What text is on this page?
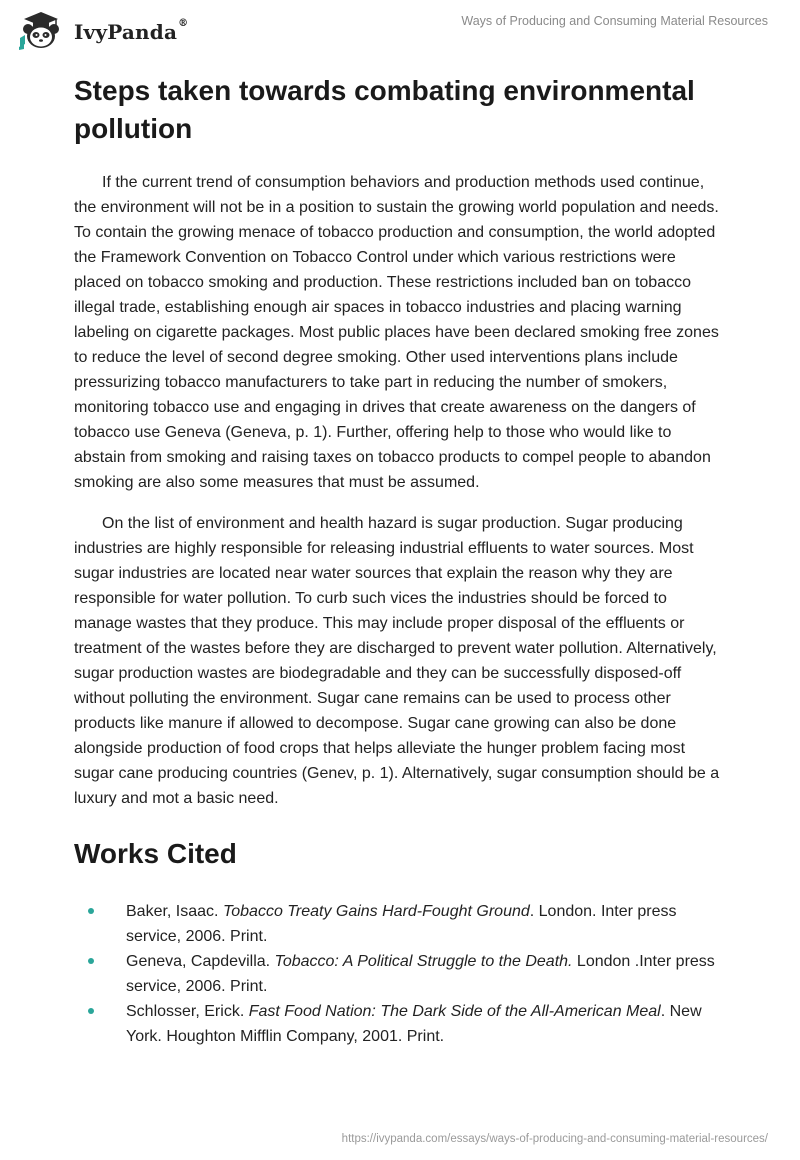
IvyPanda®	Ways of Producing and Consuming Material Resources
Steps taken towards combating environmental pollution

If the current trend of consumption behaviors and production methods used continue, the environment will not be in a position to sustain the growing world population and needs. To contain the growing menace of tobacco production and consumption, the world adopted the Framework Convention on Tobacco Control under which various restrictions were placed on tobacco smoking and production. These restrictions included ban on tobacco illegal trade, establishing enough air spaces in tobacco industries and placing warning labeling on cigarette packages. Most public places have been declared smoking free zones to reduce the level of second degree smoking. Other used interventions plans include pressurizing tobacco manufacturers to take part in reducing the number of smokers, monitoring tobacco use and engaging in drives that create awareness on the dangers of tobacco use Geneva (Geneva, p. 1). Further, offering help to those who would like to abstain from smoking and raising taxes on tobacco products to compel people to abandon smoking are also some measures that must be assumed.

On the list of environment and health hazard is sugar production. Sugar producing industries are highly responsible for releasing industrial effluents to water sources. Most sugar industries are located near water sources that explain the reason why they are responsible for water pollution. To curb such vices the industries should be forced to manage wastes that they produce. This may include proper disposal of the effluents or treatment of the wastes before they are discharged to prevent water pollution. Alternatively, sugar production wastes are biodegradable and they can be successfully disposed-off without polluting the environment. Sugar cane remains can be used to process other products like manure if allowed to decompose. Sugar cane growing can also be done alongside production of food crops that helps alleviate the hunger problem facing most sugar cane producing countries (Genev, p. 1). Alternatively, sugar consumption should be a luxury and mot a basic need.

Works Cited
Baker, Isaac. Tobacco Treaty Gains Hard-Fought Ground. London. Inter press service, 2006. Print.
Geneva, Capdevilla. Tobacco: A Political Struggle to the Death. London .Inter press service, 2006. Print.
Schlosser, Erick. Fast Food Nation: The Dark Side of the All-American Meal. New York. Houghton Mifflin Company, 2001. Print.
https://ivypanda.com/essays/ways-of-producing-and-consuming-material-resources/
